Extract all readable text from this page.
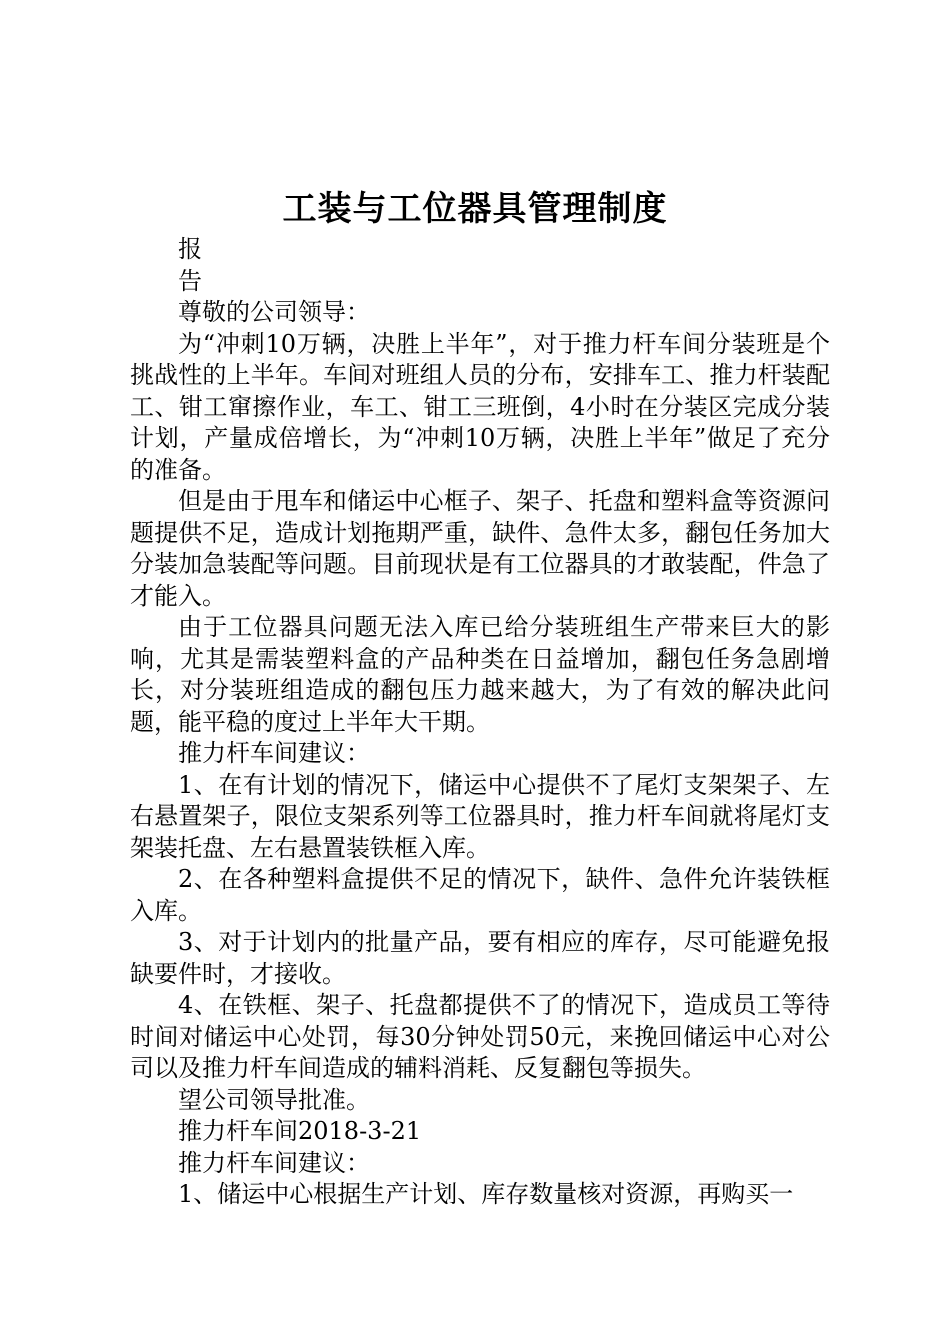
工装与工位器具管理制度

报

告

尊敬的公司领导：

为“冲刺10万辆，决胜上半年”，对于推力杆车间分装班是个挑战性的上半年。车间对班组人员的分布，安排车工、推力杆装配工、钳工窜擦作业，车工、钳工三班倒，4小时在分装区完成分装计划，产量成倍增长，为“冲刺10万辆，决胜上半年”做足了充分的准备。

但是由于甩车和储运中心框子、架子、托盘和塑料盒等资源问题提供不足，造成计划拖期严重，缺件、急件太多，翻包任务加大分装加急装配等问题。目前现状是有工位器具的才敢装配，件急了才能入。

由于工位器具问题无法入库已给分装班组生产带来巨大的影响，尤其是需装塑料盒的产品种类在日益增加，翻包任务急剧增长，对分装班组造成的翻包压力越来越大，为了有效的解决此问题，能平稳的度过上半年大干期。

推力杆车间建议：

1、在有计划的情况下，储运中心提供不了尾灯支架架子、左右悬置架子，限位支架系列等工位器具时，推力杆车间就将尾灯支架装托盘、左右悬置装铁框入库。

2、在各种塑料盒提供不足的情况下，缺件、急件允许装铁框入库。

3、对于计划内的批量产品，要有相应的库存，尽可能避免报缺要件时，才接收。

4、在铁框、架子、托盘都提供不了的情况下，造成员工等待时间对储运中心处罚，每30分钟处罚50元，来挽回储运中心对公司以及推力杆车间造成的辅料消耗、反复翻包等损失。

望公司领导批准。

推力杆车间2018-3-21

推力杆车间建议：

1、储运中心根据生产计划、库存数量核对资源，再购买一
